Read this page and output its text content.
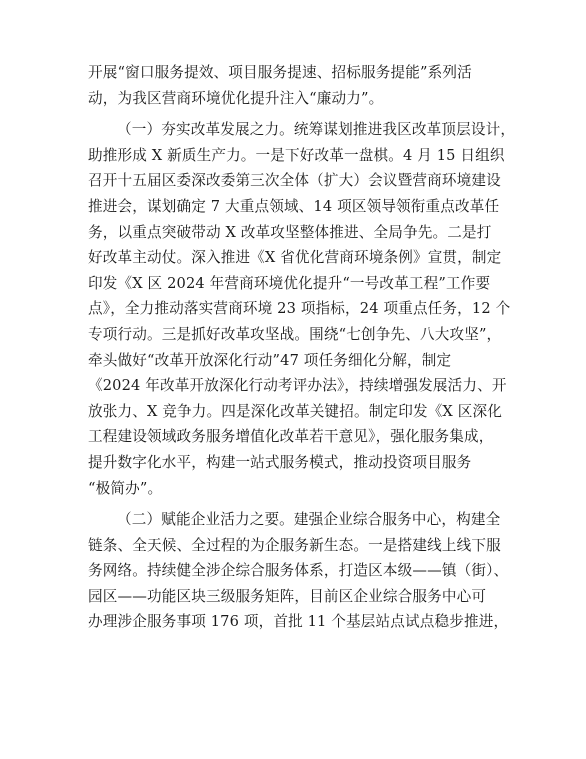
开展“窗口服务提效、项目服务提速、招标服务提能”系列活
动，为我区营商环境优化提升注入“廉动力”。

（一）夯实改革发展之力。统筹谋划推进我区改革顶层设计，
助推形成 X 新质生产力。一是下好改革一盘棋。4 月 15 日组织
召开十五届区委深改委第三次全体（扩大）会议暨营商环境建设
推进会，谋划确定 7 大重点领域、14 项区领导领衔重点改革任
务，以重点突破带动 X 改革攻坚整体推进、全局争先。二是打
好改革主动仗。深入推进《X 省优化营商环境条例》宣贯，制定
印发《X 区 2024 年营商环境优化提升“一号改革工程”工作要
点》，全力推动落实营商环境 23 项指标，24 项重点任务，12 个
专项行动。三是抓好改革攻坚战。围绕“七创争先、八大攻坚”，
牵头做好“改革开放深化行动”47 项任务细化分解，制定
《2024 年改革开放深化行动考评办法》，持续增强发展活力、开
放张力、X 竞争力。四是深化改革关键招。制定印发《X 区深化
工程建设领域政务服务增值化改革若干意见》，强化服务集成，
提升数字化水平，构建一站式服务模式，推动投资项目服务
“极简办”。

（二）赋能企业活力之要。建强企业综合服务中心，构建全
链条、全天候、全过程的为企服务新生态。一是搭建线上线下服
务网络。持续健全涉企综合服务体系，打造区本级——镇（街）、
园区——功能区块三级服务矩阵，目前区企业综合服务中心可
办理涉企服务事项 176 项，首批 11 个基层站点试点稳步推进，
